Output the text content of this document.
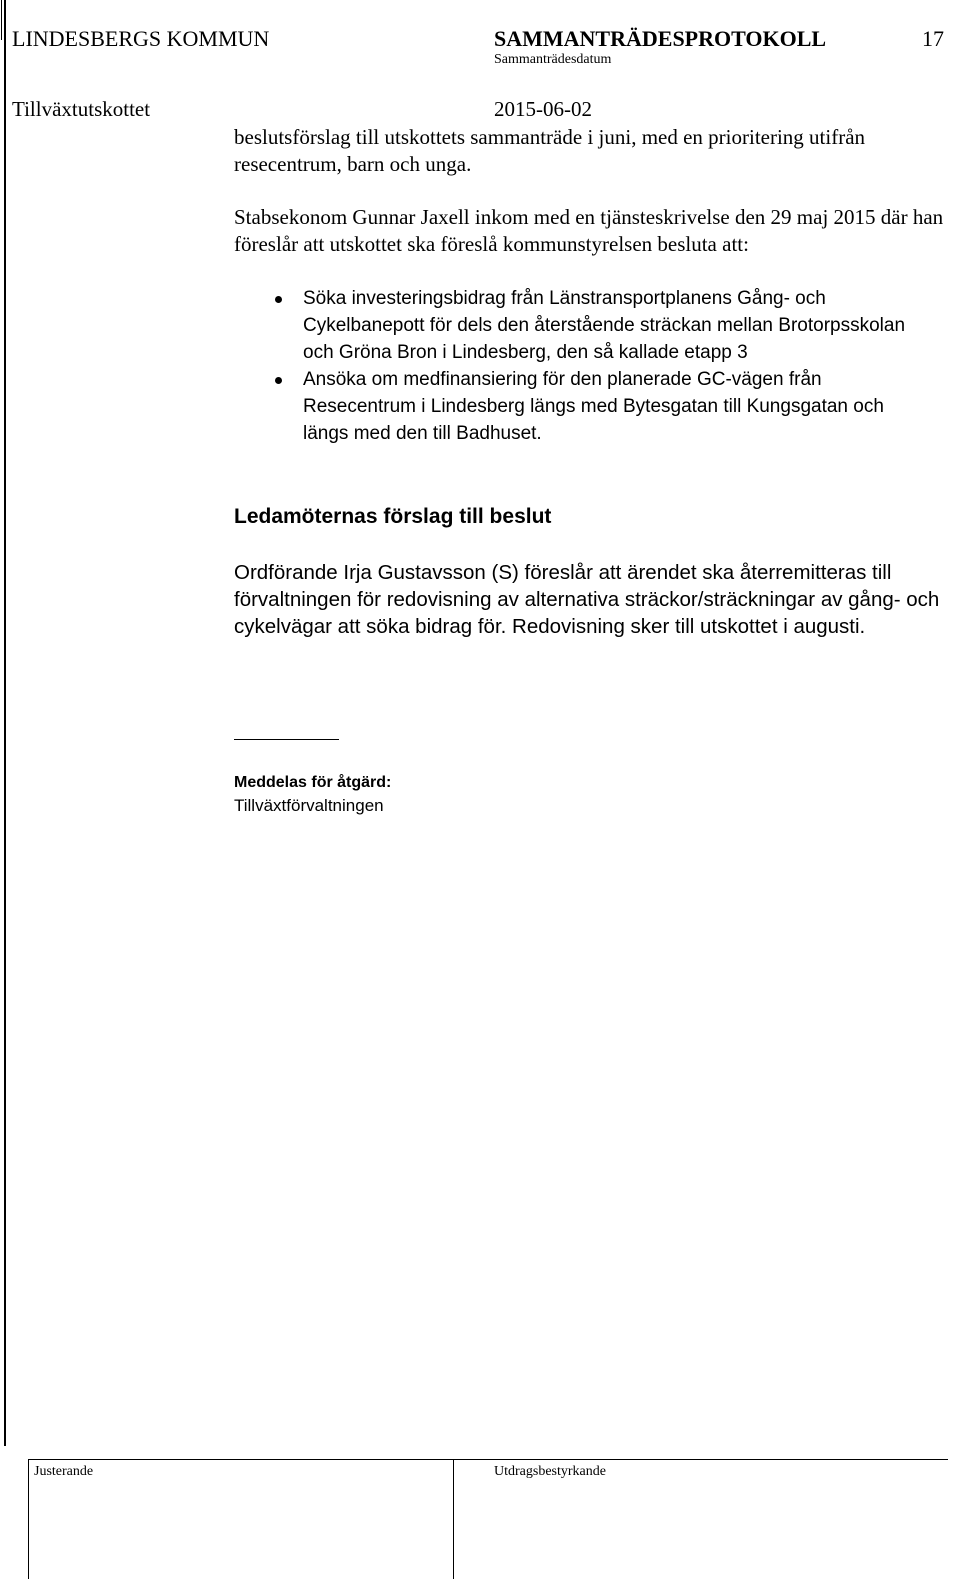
LINDESBERGS KOMMUN	SAMMANTRÄDESPROTOKOLL	17
Sammanträdesdatum
Tillväxtutskottet	2015-06-02
beslutsförslag till utskottets sammanträde i juni, med en prioritering utifrån resecentrum, barn och unga.
Stabsekonom Gunnar Jaxell inkom med en tjänsteskrivelse den 29 maj 2015 där han föreslår att utskottet ska föreslå kommunstyrelsen besluta att:
Söka investeringsbidrag från Länstransportplanens Gång- och Cykelbanepott för dels den återstående sträckan mellan Brotorpsskolan och Gröna Bron i Lindesberg, den så kallade etapp 3
Ansöka om medfinansiering för den planerade GC-vägen från Resecentrum i Lindesberg längs med Bytesgatan till Kungsgatan och längs med den till Badhuset.
Ledamöternas förslag till beslut
Ordförande Irja Gustavsson (S) föreslår att ärendet ska återremitteras till förvaltningen för redovisning av alternativa sträckor/sträckningar av gång- och cykelvägar att söka bidrag för. Redovisning sker till utskottet i augusti.
Meddelas för åtgärd:
Tillväxtförvaltningen
Justerande	Utdragsbestyrkande
